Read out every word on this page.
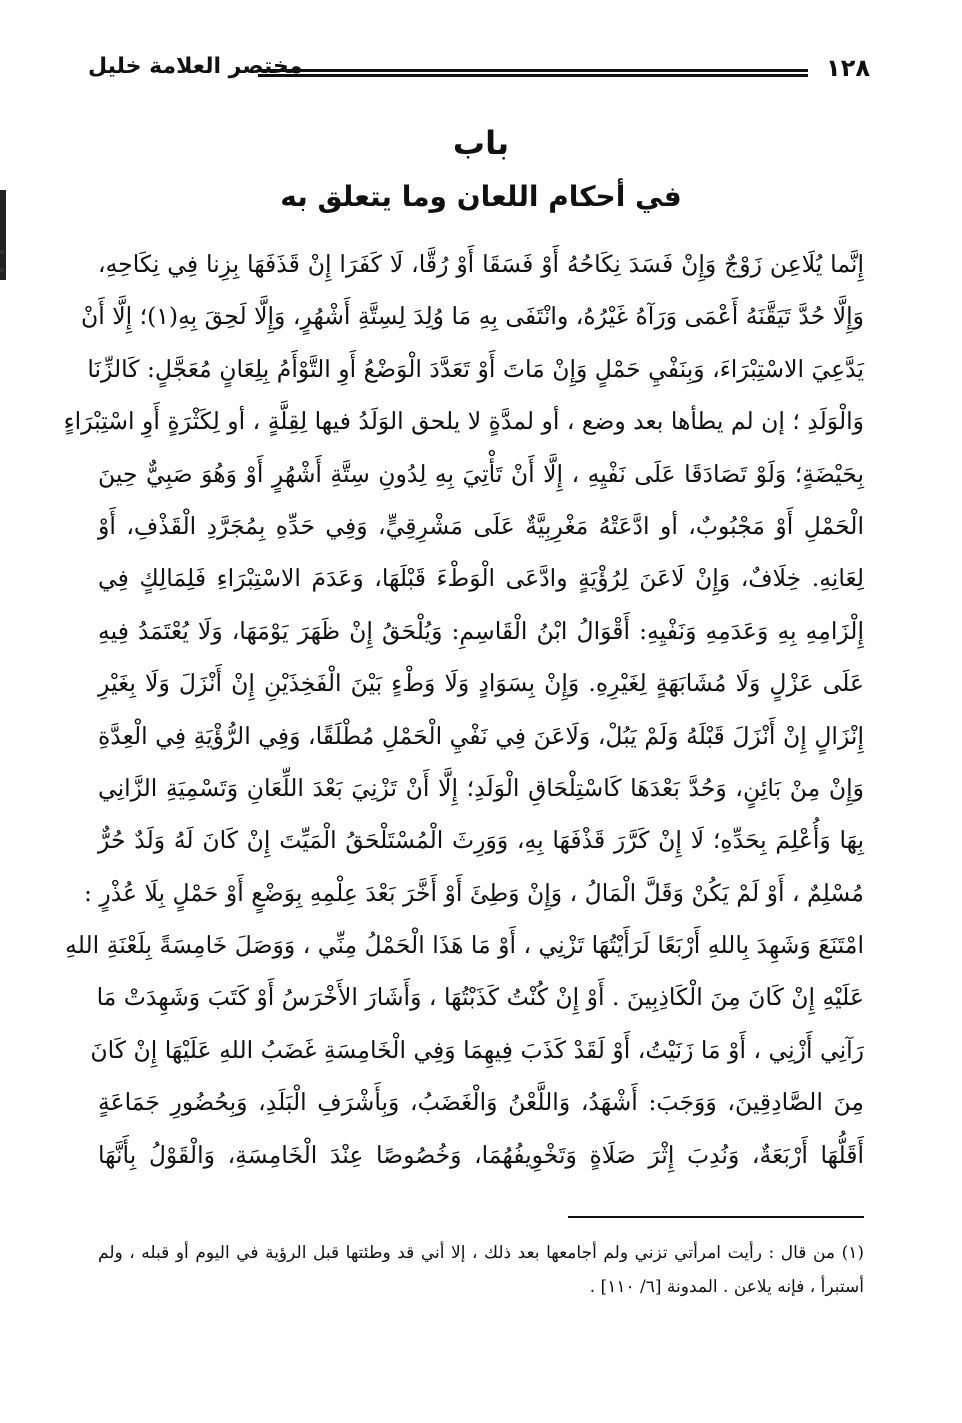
١٢٨
مختصر العلامة خليل
باب
في أحكام اللعان وما يتعلق به
إِنَّما يُلَاعِن زَوْجٌ وَإِنْ فَسَدَ نِكَاحُهُ أَوْ فَسَقَا أَوْ رُقَّا، لَا كَفَرَا إِنْ قَذَفَهَا بِزِنا فِي نِكَاحِهِ،
وَإِلَّا حُدَّ تَيَقَّنَهُ أَعْمَى وَرَآهُ غَيْرُهُ، وانْتَفَى بِهِ مَا وُلِدَ لِسِتَّةِ أَشْهُرٍ، وَإِلَّا لَحِقَ بِهِ(١)؛ إِلَّا أَنْ
يَدَّعِيَ الاسْتِبْرَاءَ، وَبِنَفْيِ حَمْلٍ وَإِنْ مَاتَ أَوْ تَعَدَّدَ الْوَضْعُ أَوِ التَّوْأَمُ بِلِعَانٍ مُعَجَّلٍ: كَالزِّنَا
وَالْوَلَدِ ؛ إن لم يطأها بعد وضع ، أو لمدَّةٍ لا يلحق الوَلَدُ فيها لِقِلَّةٍ ، أو لِكَثْرَةٍ أَوِ اسْتِبْرَاءٍ
بِحَيْضَةٍ؛ وَلَوْ تَصَادَقَا عَلَى نَفْيِهِ ، إِلَّا أَنْ تَأْتِيَ بِهِ لِدُونِ سِتَّةِ أَشْهُرٍ أَوْ وَهُوَ صَبِيٌّ حِينَ
الْحَمْلِ أَوْ مَجْبُوبٌ، أو ادَّعَتْهُ مَغْرِبِيَّةٌ عَلَى مَشْرِقِيٍّ، وَفِي حَدِّهِ بِمُجَرَّدِ الْقَذْفِ، أَوْ
لِعَانِهِ. خِلَافٌ، وَإِنْ لَاعَنَ لِرُؤْيَةٍ وادَّعَى الْوَطْءَ قَبْلَهَا، وَعَدَمَ الاسْتِبْرَاءِ فَلِمَالِكٍ فِي
إِلْزَامِهِ بِهِ وَعَدَمِهِ وَنَفْيِهِ: أَقْوَالُ ابْنُ الْقَاسِمِ: وَيُلْحَقُ إِنْ ظَهَرَ يَوْمَهَا، وَلَا يُعْتَمَدُ فِيهِ
عَلَى عَزْلٍ وَلَا مُشَابَهَةٍ لِغَيْرِهِ. وَإِنْ بِسَوَادٍ وَلَا وَطْءٍ بَيْنَ الْفَخِذَيْنِ إِنْ أَنْزَلَ وَلَا بِغَيْرِ
إِنْزَالٍ إِنْ أَنْزَلَ قَبْلَهُ وَلَمْ يَبُلْ، وَلَاعَنَ فِي نَفْيِ الْحَمْلِ مُطْلَقًا، وَفِي الرُّؤْيَةِ فِي الْعِدَّةِ
وَإِنْ مِنْ بَائِنٍ، وَحُدَّ بَعْدَهَا كَاسْتِلْحَاقِ الْوَلَدِ؛ إِلَّا أَنْ تَزْنِيَ بَعْدَ اللِّعَانِ وَتَسْمِيَةِ الزَّانِي
بِهَا وَأُعْلِمَ بِحَدِّهِ؛ لَا إِنْ كَرَّرَ قَذْفَهَا بِهِ، وَوَرِثَ الْمُسْتَلْحَقُ الْمَيِّتَ إِنْ كَانَ لَهُ وَلَدٌ حُرٌّ
مُسْلِمٌ ، أَوْ لَمْ يَكُنْ وَقَلَّ الْمَالُ ، وَإِنْ وَطِئَ أَوْ أَخَّرَ بَعْدَ عِلْمِهِ بِوَضْعٍ أَوْ حَمْلٍ بِلَا عُذْرٍ :
امْتَنَعَ وَشَهِدَ بِاللهِ أَرْبَعًا لَرَأَيْتُهَا تَزْنِي ، أَوْ مَا هَذَا الْحَمْلُ مِنِّي ، وَوَصَلَ خَامِسَةً بِلَعْنَةِ اللهِ
عَلَيْهِ إِنْ كَانَ مِنَ الْكَاذِبِينَ . أَوْ إِنْ كُنْتُ كَذَبْتُهَا ، وَأَشَارَ الأَخْرَسُ أَوْ كَتَبَ وَشَهِدَتْ مَا
رَآنِي أَزْنِي ، أَوْ مَا زَنَيْتُ، أَوْ لَقَدْ كَذَبَ فِيهِمَا وَفِي الْخَامِسَةِ غَضَبُ اللهِ عَلَيْهَا إِنْ كَانَ
مِنَ الصَّادِقِينَ، وَوَجَبَ: أَشْهَدُ، وَاللَّعْنُ وَالْغَضَبُ، وَبِأَشْرَفِ الْبَلَدِ، وَبِحُضُورِ جَمَاعَةٍ
أَقَلُّهَا أَرْبَعَةٌ، وَنُدِبَ إِثْرَ صَلَاةٍ وَتَخْوِيفُهُمَا، وَخُصُوصًا عِنْدَ الْخَامِسَةِ، وَالْقَوْلُ بِأَنَّهَا
(١) من قال : رأيت امرأتي تزني ولم أجامعها بعد ذلك ، إلا أني قد وطئتها قبل الرؤية في اليوم أو قبله ، ولم
أستبرأ ، فإنه يلاعن . المدونة [٦/ ١١٠] .
